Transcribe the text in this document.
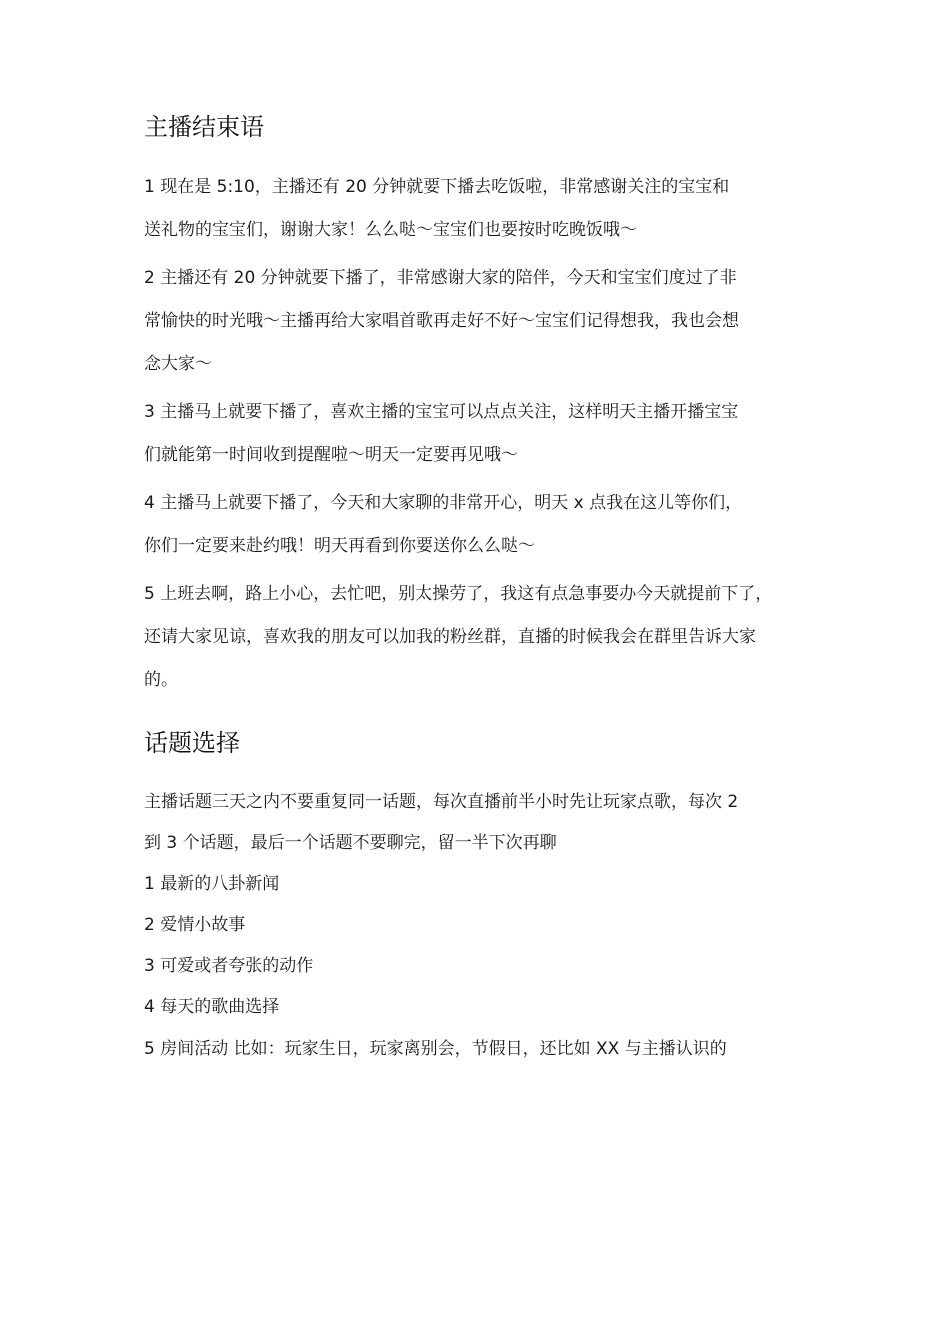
主播结束语

1 现在是 5:10，主播还有 20 分钟就要下播去吃饭啦，非常感谢关注的宝宝和

送礼物的宝宝们，谢谢大家！么么哒～宝宝们也要按时吃晚饭哦～

2 主播还有 20 分钟就要下播了，非常感谢大家的陪伴，今天和宝宝们度过了非

常愉快的时光哦～主播再给大家唱首歌再走好不好～宝宝们记得想我，我也会想

念大家～

3 主播马上就要下播了，喜欢主播的宝宝可以点点关注，这样明天主播开播宝宝

们就能第一时间收到提醒啦～明天一定要再见哦～

4 主播马上就要下播了，今天和大家聊的非常开心，明天 x 点我在这儿等你们，

你们一定要来赴约哦！明天再看到你要送你么么哒～

5 上班去啊，路上小心，去忙吧，别太操劳了，我这有点急事要办今天就提前下了，

还请大家见谅，喜欢我的朋友可以加我的粉丝群，直播的时候我会在群里告诉大家

的。

话题选择

主播话题三天之内不要重复同一话题，每次直播前半小时先让玩家点歌，每次 2

到 3 个话题，最后一个话题不要聊完，留一半下次再聊

1 最新的八卦新闻

2 爱情小故事

3 可爱或者夸张的动作

4 每天的歌曲选择

5 房间活动 比如：玩家生日，玩家离别会，节假日，还比如 XX 与主播认识的
